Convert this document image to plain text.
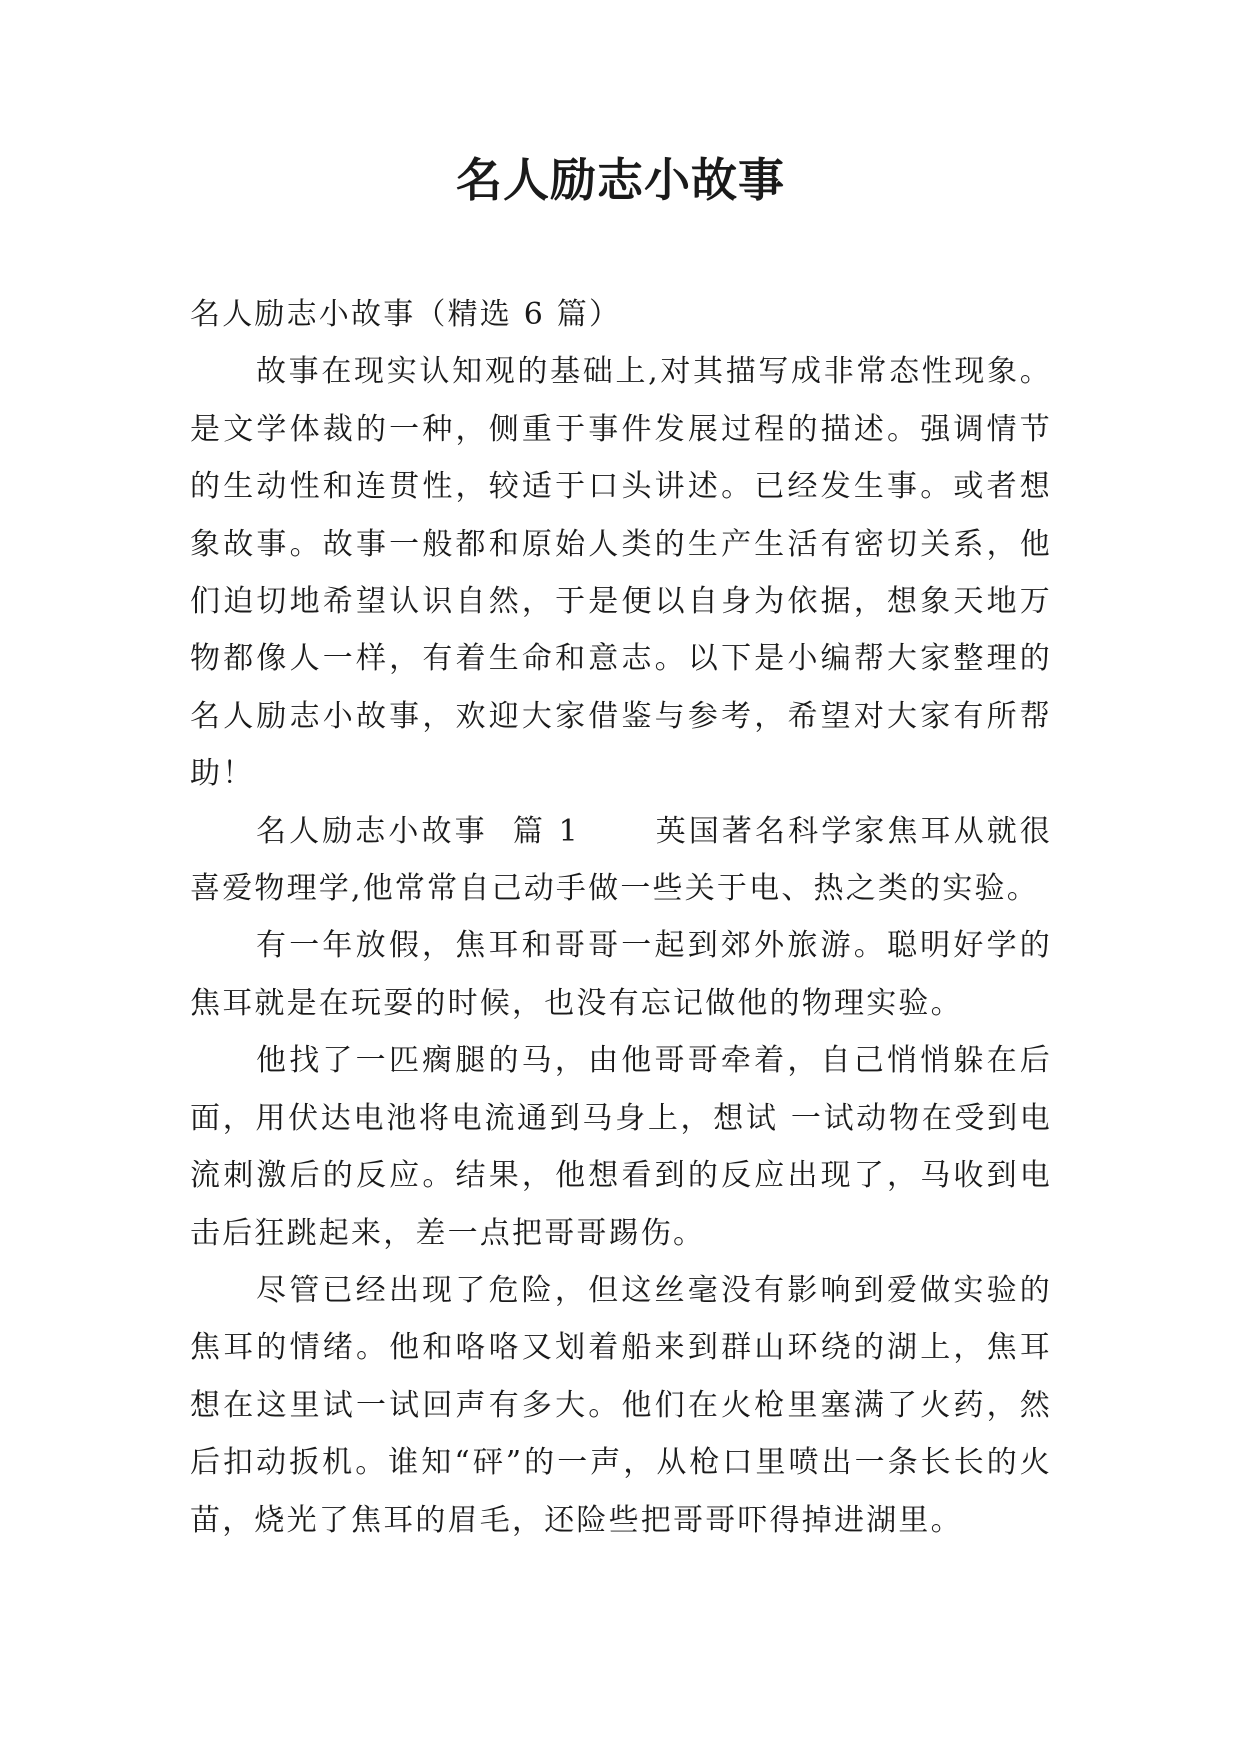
名人励志小故事

名人励志小故事（精选 6 篇）

故事在现实认知观的基础上,对其描写成非常态性现象。是文学体裁的一种，侧重于事件发展过程的描述。强调情节的生动性和连贯性，较适于口头讲述。已经发生事。或者想象故事。故事一般都和原始人类的生产生活有密切关系，他们迫切地希望认识自然，于是便以自身为依据，想象天地万物都像人一样，有着生命和意志。以下是小编帮大家整理的名人励志小故事，欢迎大家借鉴与参考，希望对大家有所帮助！

名人励志小故事  篇 1      英国著名科学家焦耳从就很喜爱物理学,他常常自己动手做一些关于电、热之类的实验。

有一年放假，焦耳和哥哥一起到郊外旅游。聪明好学的焦耳就是在玩耍的时候，也没有忘记做他的物理实验。

他找了一匹瘸腿的马，由他哥哥牵着，自己悄悄躲在后面，用伏达电池将电流通到马身上，想试 一试动物在受到电流刺激后的反应。结果，他想看到的反应出现了，马收到电击后狂跳起来，差一点把哥哥踢伤。

尽管已经出现了危险，但这丝毫没有影响到爱做实验的焦耳的情绪。他和咯咯又划着船来到群山环绕的湖上，焦耳想在这里试一试回声有多大。他们在火枪里塞满了火药，然后扣动扳机。谁知“砰”的一声，从枪口里喷出一条长长的火苗，烧光了焦耳的眉毛，还险些把哥哥吓得掉进湖里。
